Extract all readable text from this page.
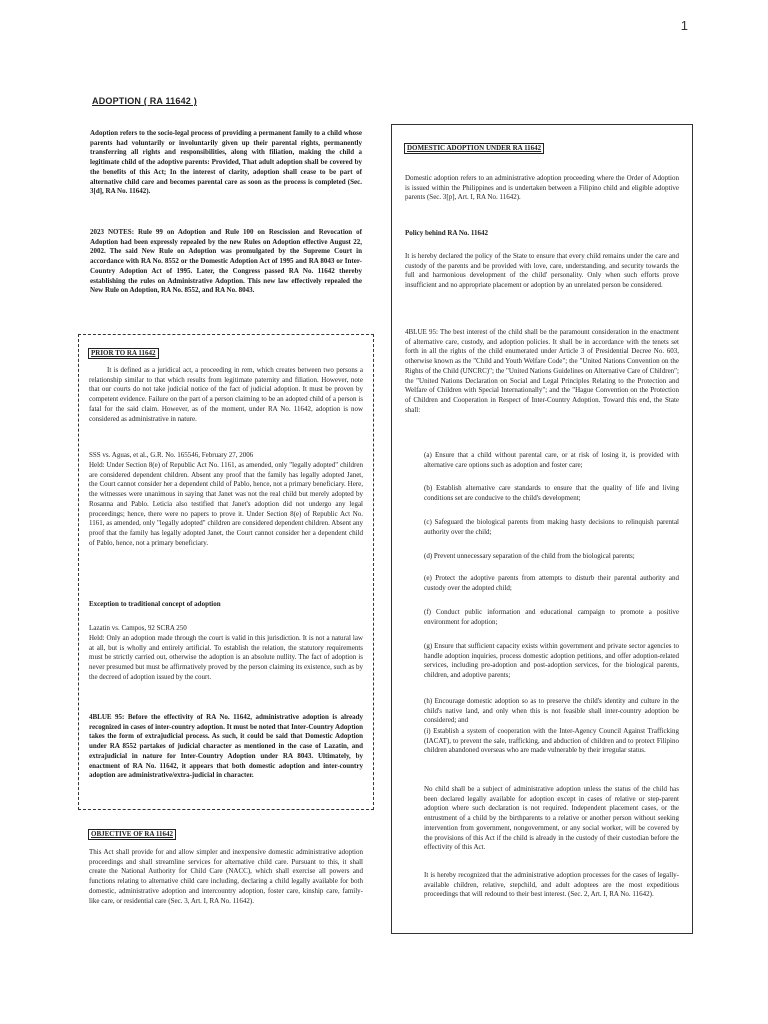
1
ADOPTION ( RA 11642 )

Adoption refers to the socio-legal process of providing a permanent family to a child whose parents had voluntarily or involuntarily given up their parental rights, permanently transferring all rights and responsibilities, along with filiation, making the child a legitimate child of the adoptive parents: Provided, That adult adoption shall be covered by the benefits of this Act; In the interest of clarity, adoption shall cease to be part of alternative child care and becomes parental care as soon as the process is completed (Sec. 3[d], RA No. 11642).

2023 NOTES: Rule 99 on Adoption and Rule 100 on Rescission and Revocation of Adoption had been expressly repealed by the new Rules on Adoption effective August 22, 2002. The said New Rule on Adoption was promulgated by the Supreme Court in accordance with RA No. 8552 or the Domestic Adoption Act of 1995 and RA 8043 or Inter-Country Adoption Act of 1995. Later, the Congress passed RA No. 11642 thereby establishing the rules on Administrative Adoption. This new law effectively repealed the New Rule on Adoption, RA No. 8552, and RA No. 8043.

PRIOR TO RA 11642

It is defined as a juridical act, a proceeding in rem, which creates between two persons a relationship similar to that which results from legitimate paternity and filiation. However, note that our courts do not take judicial notice of the fact of judicial adoption. It must be proven by competent evidence. Failure on the part of a person claiming to be an adopted child of a person is fatal for the said claim. However, as of the moment, under RA No. 11642, adoption is now considered as administrative in nature.

SSS vs. Aguas, et al., G.R. No. 165546, February 27, 2006

Held: Under Section 8(e) of Republic Act No. 1161, as amended, only "legally adopted" children are considered dependent children. Absent any proof that the family has legally adopted Janet, the Court cannot consider her a dependent child of Pablo, hence, not a primary beneficiary. Here, the witnesses were unanimous in saying that Janet was not the real child but merely adopted by Rosanna and Pablo. Leticia also testified that Janet's adoption did not undergo any legal proceedings; hence, there were no papers to prove it. Under Section 8(e) of Republic Act No. 1161, as amended, only "legally adopted" children are considered dependent children. Absent any proof that the family has legally adopted Janet, the Court cannot consider her a dependent child of Pablo, hence, not a primary beneficiary.

Exception to traditional concept of adoption

Lazatin vs. Campos, 92 SCRA 250

Held: Only an adoption made through the court is valid in this jurisdiction. It is not a natural law at all, but is wholly and entirely artificial. To establish the relation, the statutory requirements must be strictly carried out, otherwise the adoption is an absolute nullity. The fact of adoption is never presumed but must be affirmatively proved by the person claiming its existence, such as by the decreed of adoption issued by the court.

4BLUE 95: Before the effectivity of RA No. 11642, administrative adoption is already recognized in cases of inter-country adoption. It must be noted that Inter-Country Adoption takes the form of extrajudicial process. As such, it could be said that Domestic Adoption under RA 8552 partakes of judicial character as mentioned in the case of Lazatin, and extrajudicial in nature for Inter-Country Adoption under RA 8043. Ultimately, by enactment of RA No. 11642, it appears that both domestic adoption and inter-country adoption are administrative/extra-judicial in character.

OBJECTIVE OF RA 11642

This Act shall provide for and allow simpler and inexpensive domestic administrative adoption proceedings and shall streamline services for alternative child care. Pursuant to this, it shall create the National Authority for Child Care (NACC), which shall exercise all powers and functions relating to alternative child care including, declaring a child legally available for both domestic, administrative adoption and intercountry adoption, foster care, kinship care, family-like care, or residential care (Sec. 3, Art. I, RA No. 11642).

DOMESTIC ADOPTION UNDER RA 11642

Domestic adoption refers to an administrative adoption proceeding where the Order of Adoption is issued within the Philippines and is undertaken between a Filipino child and eligible adoptive parents (Sec. 3[p], Art. I, RA No. 11642).

Policy behind RA No. 11642

It is hereby declared the policy of the State to ensure that every child remains under the care and custody of the parents and be provided with love, care, understanding, and security towards the full and harmonious development of the child' personality. Only when such efforts prove insufficient and no appropriate placement or adoption by an unrelated person be considered.

4BLUE 95: The best interest of the child shall be the paramount consideration in the enactment of alternative care, custody, and adoption policies. It shall be in accordance with the tenets set forth in all the rights of the child enumerated under Article 3 of Presidential Decree No. 603, otherwise known as the "Child and Youth Welfare Code"; the "United Nations Convention on the Rights of the Child (UNCRC)"; the "United Nations Guidelines on Alternative Care of Children"; the "United Nations Declaration on Social and Legal Principles Relating to the Protection and Welfare of Children with Special Internationally"; and the "Hague Convention on the Protection of Children and Cooperation in Respect of Inter-Country Adoption. Toward this end, the State shall:

(a) Ensure that a child without parental care, or at risk of losing it, is provided with alternative care options such as adoption and foster care;

(b) Establish alternative care standards to ensure that the quality of life and living conditions set are conducive to the child's development;

(c) Safeguard the biological parents from making hasty decisions to relinquish parental authority over the child;

(d) Prevent unnecessary separation of the child from the biological parents;

(e) Protect the adoptive parents from attempts to disturb their parental authority and custody over the adopted child;

(f) Conduct public information and educational campaign to promote a positive environment for adoption;

(g) Ensure that sufficient capacity exists within government and private sector agencies to handle adoption inquiries, process domestic adoption petitions, and offer adoption-related services, including pre-adoption and post-adoption services, for the biological parents, children, and adoptive parents;

(h) Encourage domestic adoption so as to preserve the child's identity and culture in the child's native land, and only when this is not feasible shall inter-country adoption be considered; and

(i) Establish a system of cooperation with the Inter-Agency Council Against Trafficking (IACAT), to prevent the sale, trafficking, and abduction of children and to protect Filipino children abandoned overseas who are made vulnerable by their irregular status.

No child shall be a subject of administrative adoption unless the status of the child has been declared legally available for adoption except in cases of relative or step-parent adoption where such declaration is not required. Independent placement cases, or the entrustment of a child by the birthparents to a relative or another person without seeking intervention from government, nongovernment, or any social worker, will be covered by the provisions of this Act if the child is already in the custody of their custodian before the effectivity of this Act.

It is hereby recognized that the administrative adoption processes for the cases of legally-available children, relative, stepchild, and adult adoptees are the most expeditious proceedings that will redound to their best interest. (Sec. 2, Art. I, RA No. 11642).
